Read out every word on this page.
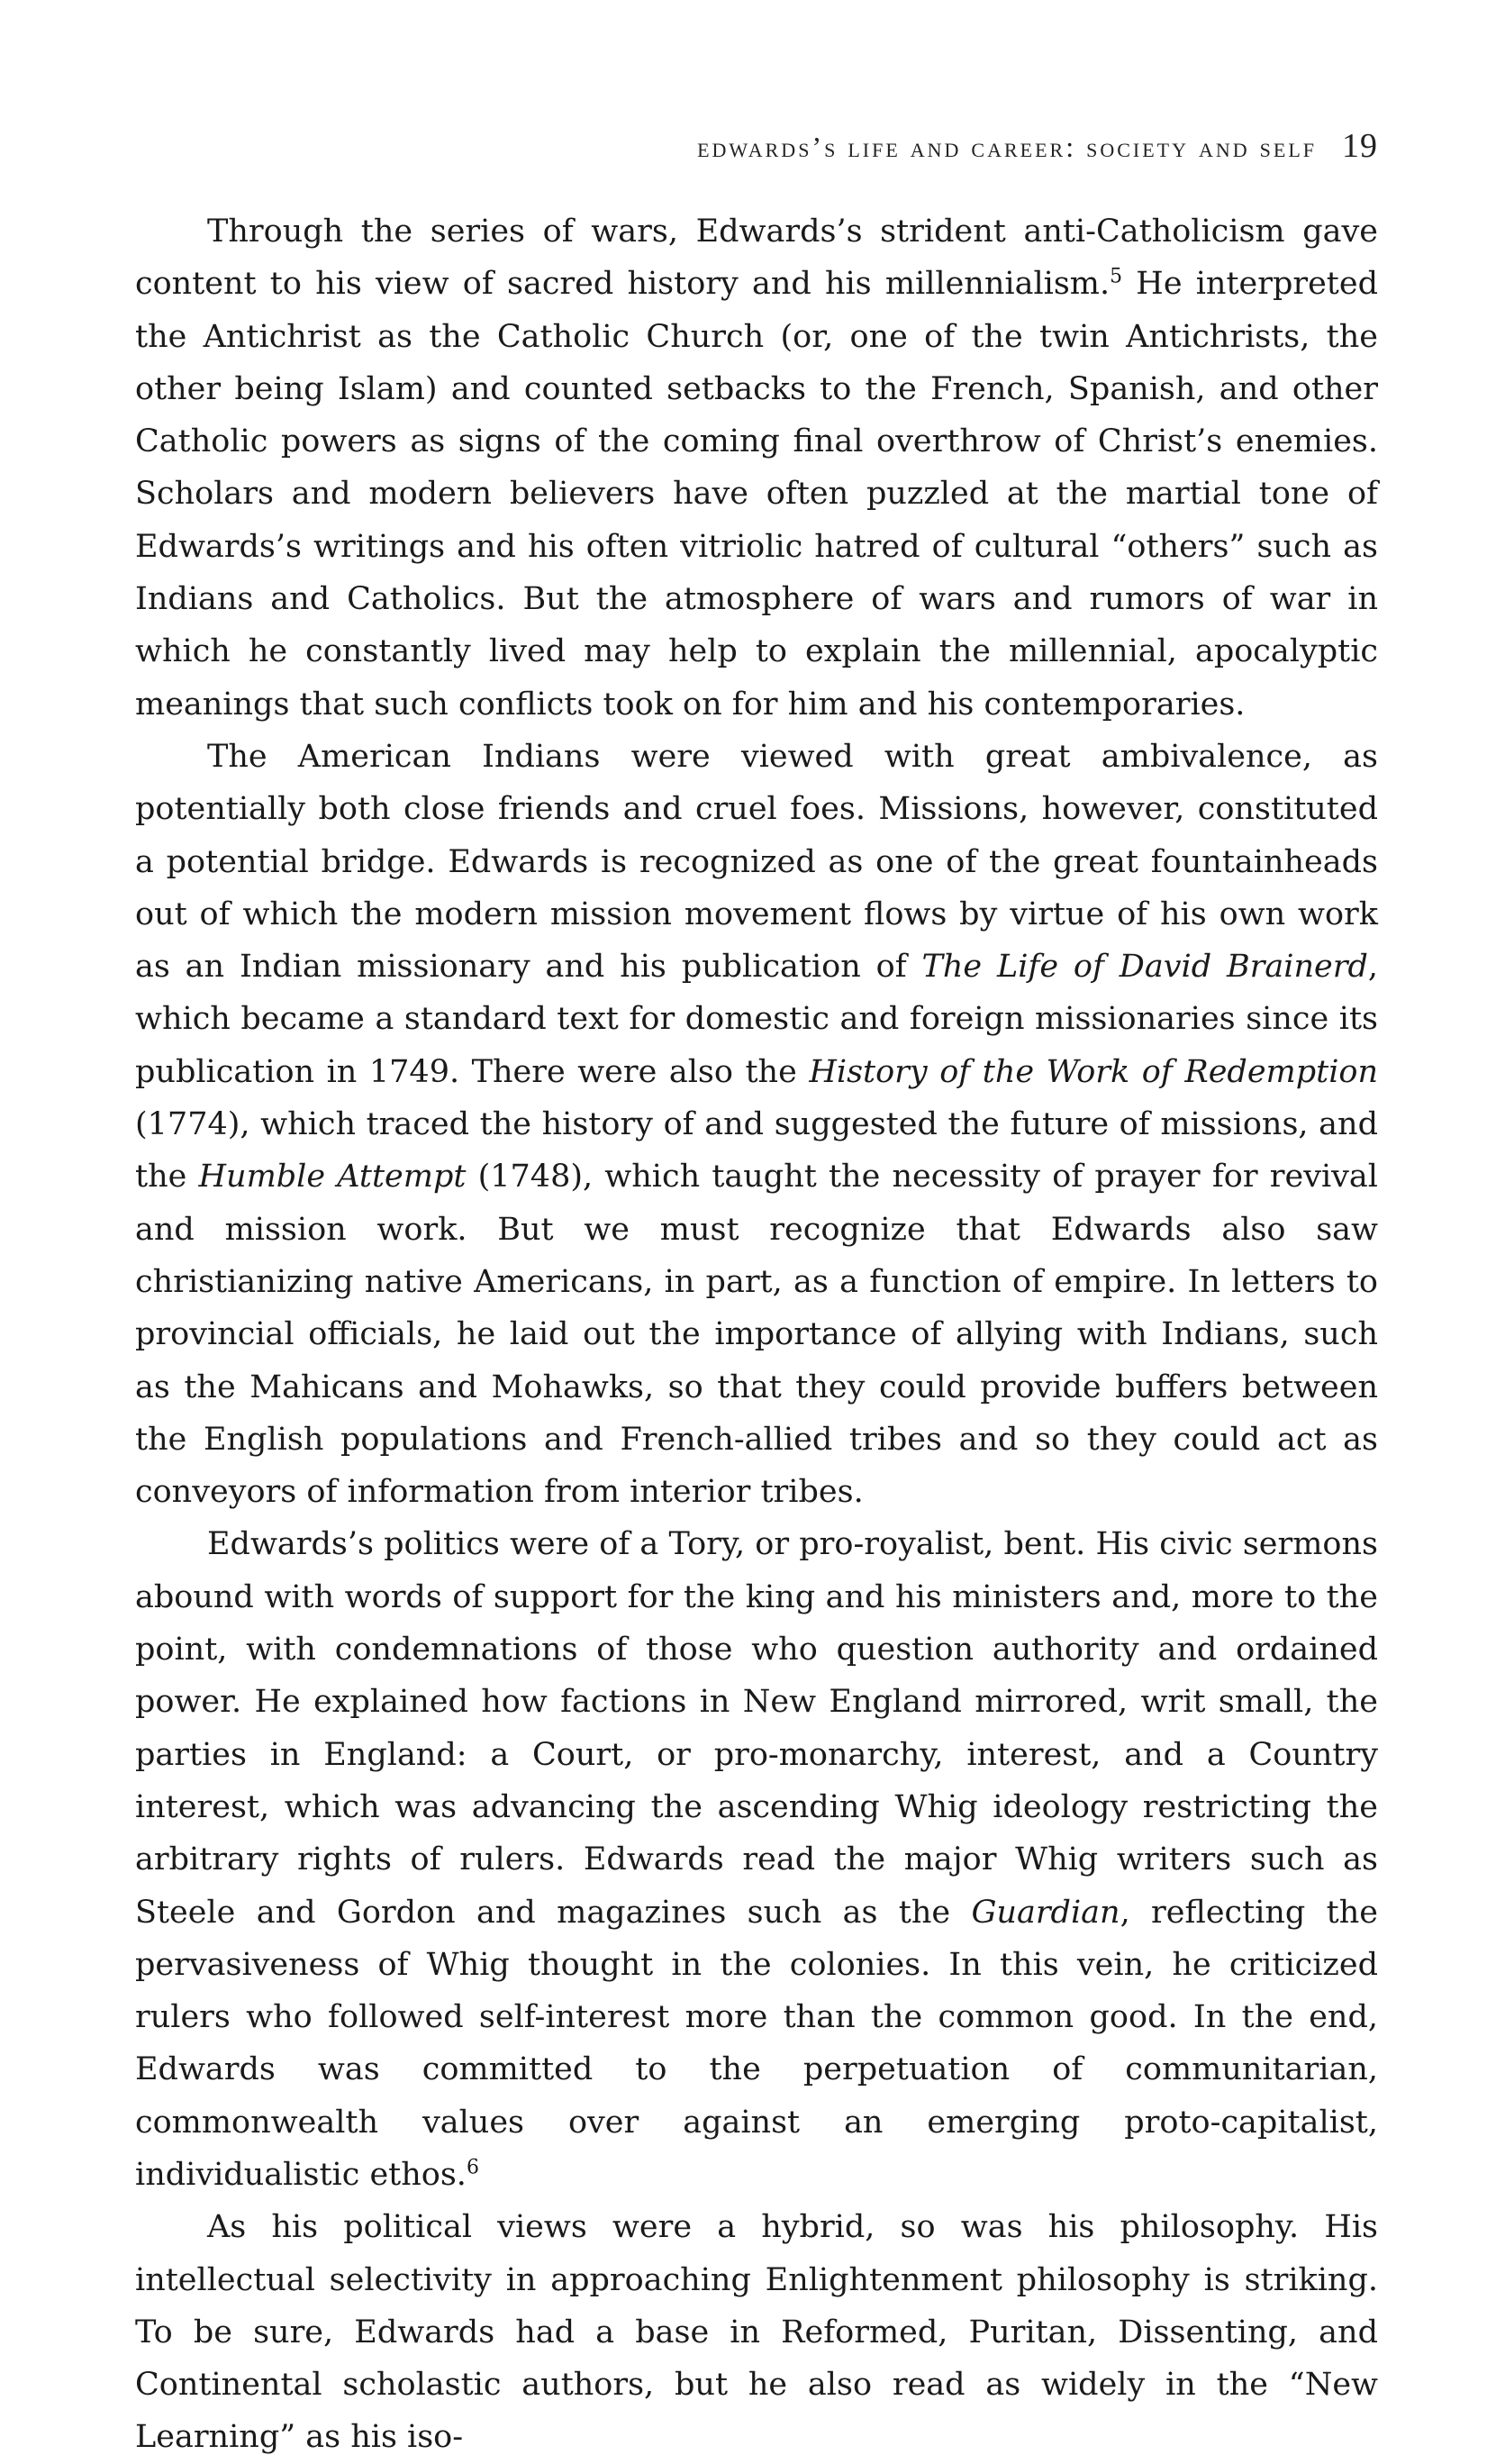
edwards’s life and career: society and self 19

Through the series of wars, Edwards’s strident anti-Catholicism gave content to his view of sacred history and his millennialism.$^5$ He interpreted the Antichrist as the Catholic Church (or, one of the twin Antichrists, the other being Islam) and counted setbacks to the French, Spanish, and other Catholic powers as signs of the coming final overthrow of Christ’s enemies. Scholars and modern believers have often puzzled at the martial tone of Edwards’s writings and his often vitriolic hatred of cultural “others” such as Indians and Catholics. But the atmosphere of wars and rumors of war in which he constantly lived may help to explain the millennial, apocalyptic meanings that such conflicts took on for him and his contemporaries.

The American Indians were viewed with great ambivalence, as potentially both close friends and cruel foes. Missions, however, constituted a potential bridge. Edwards is recognized as one of the great fountainheads out of which the modern mission movement flows by virtue of his own work as an Indian missionary and his publication of The Life of David Brainerd, which became a standard text for domestic and foreign missionaries since its publication in 1749. There were also the History of the Work of Redemption (1774), which traced the history of and suggested the future of missions, and the Humble Attempt (1748), which taught the necessity of prayer for revival and mission work. But we must recognize that Edwards also saw christianizing native Americans, in part, as a function of empire. In letters to provincial officials, he laid out the importance of allying with Indians, such as the Mahicans and Mohawks, so that they could provide buffers between the English populations and French-allied tribes and so they could act as conveyors of information from interior tribes.

Edwards’s politics were of a Tory, or pro-royalist, bent. His civic sermons abound with words of support for the king and his ministers and, more to the point, with condemnations of those who question authority and ordained power. He explained how factions in New England mirrored, writ small, the parties in England: a Court, or pro-monarchy, interest, and a Country interest, which was advancing the ascending Whig ideology restricting the arbitrary rights of rulers. Edwards read the major Whig writers such as Steele and Gordon and magazines such as the Guardian, reflecting the pervasiveness of Whig thought in the colonies. In this vein, he criticized rulers who followed self-interest more than the common good. In the end, Edwards was committed to the perpetuation of communitarian, commonwealth values over against an emerging proto-capitalist, individualistic ethos.$^6$

As his political views were a hybrid, so was his philosophy. His intellectual selectivity in approaching Enlightenment philosophy is striking. To be sure, Edwards had a base in Reformed, Puritan, Dissenting, and Continental scholastic authors, but he also read as widely in the “New Learning” as his iso-
